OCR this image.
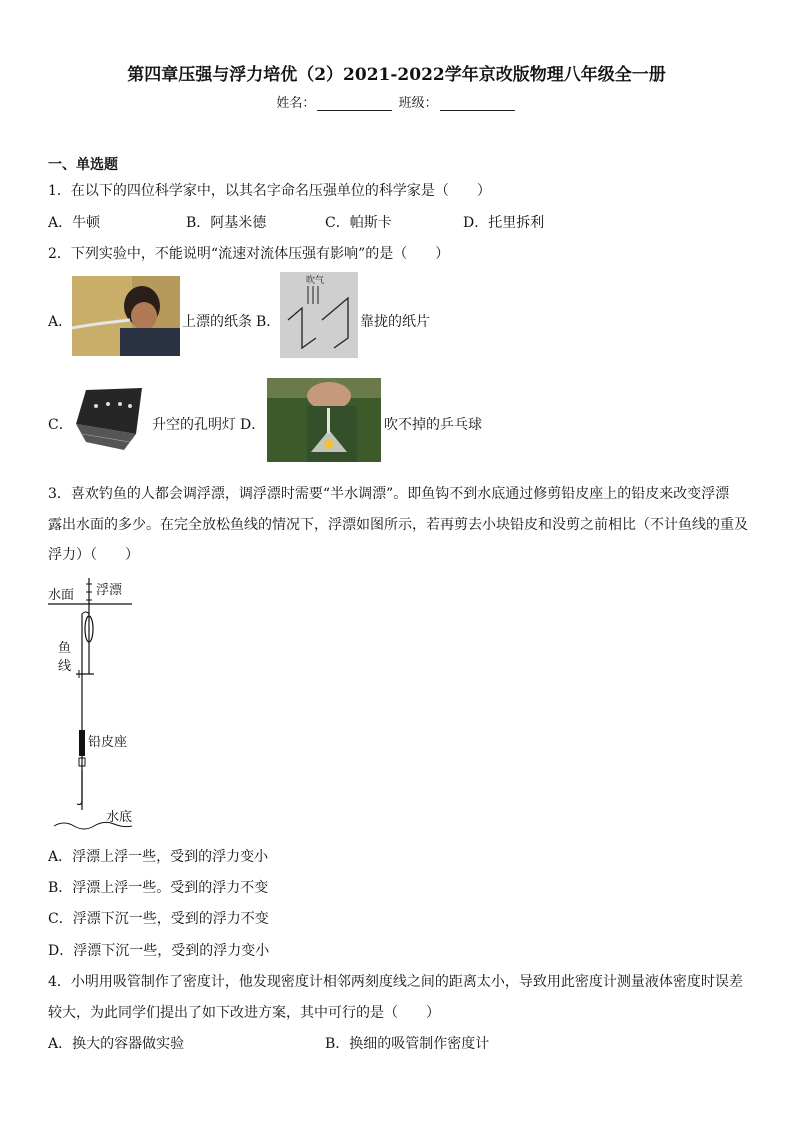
第四章压强与浮力培优（2）2021-2022学年京改版物理八年级全一册
姓名：	班级：
一、单选题
1．在以下的四位科学家中，以其名字命名压强单位的科学家是（　　）
A．牛顿	B．阿基米德	C．帕斯卡	D．托里拆利
2．下列实验中，不能说明“流速对流体压强有影响”的是（　　）
A．	上漂的纸条 B．
吹气
靠拢的纸片
C．	升空的孔明灯 D．	吹不掉的乒乓球
3．喜欢钓鱼的人都会调浮漂，调浮漂时需要“半水调漂”。即鱼钩不到水底通过修剪铅皮座上的铅皮来改变浮漂
露出水面的多少。在完全放松鱼线的情况下，浮漂如图所示，若再剪去小块铅皮和没剪之前相比（不计鱼线的重及
浮力）（　　）
水面 浮漂
鱼
线
铅皮座
水底
A．浮漂上浮一些，受到的浮力变小
B．浮漂上浮一些。受到的浮力不变
C．浮漂下沉一些，受到的浮力不变
D．浮漂下沉一些，受到的浮力变小
4．小明用吸管制作了密度计，他发现密度计相邻两刻度线之间的距离太小，导致用此密度计测量液体密度时误差
较大，为此同学们提出了如下改进方案，其中可行的是（　　）
A．换大的容器做实验	B．换细的吸管制作密度计
